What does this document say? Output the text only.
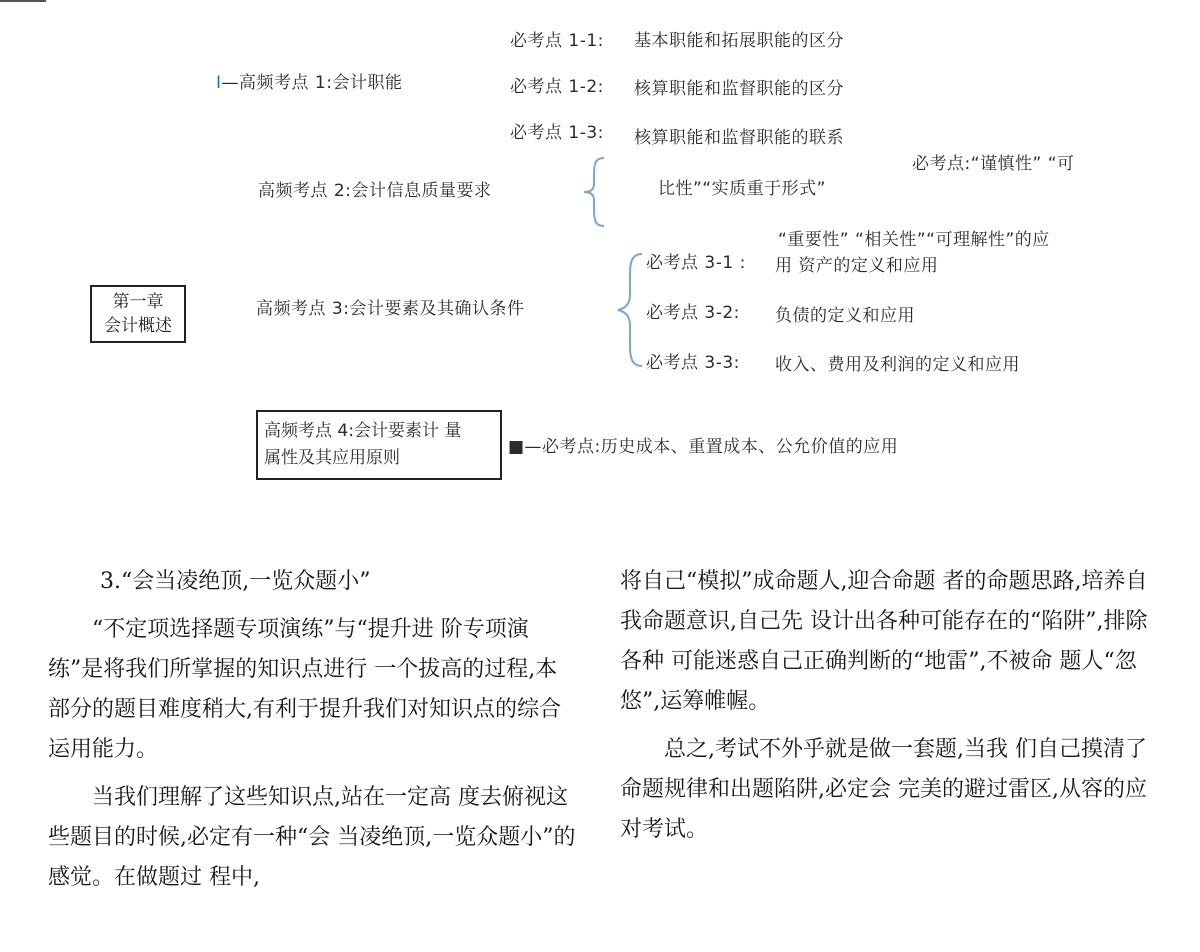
第一章
会计概述
I—高频考点 1:会计职能
必考点 1-1: 基本职能和拓展职能的区分
必考点 1-2: 核算职能和监督职能的区分
必考点 1-3: 核算职能和监督职能的联系
高频考点 2:会计信息质量要求
必考点:“谨慎性” “可
比性”“实质重于形式”
“重要性” “相关性”“可理解性”的应
高频考点 3:会计要素及其确认条件
必考点 3-1 : 用 资产的定义和应用
必考点 3-2: 负债的定义和应用
必考点 3-3: 收入、费用及利润的定义和应用
高频考点 4:会计要素计 量
属性及其应用原则
■—必考点:历史成本、重置成本、公允价值的应用

3.“会当凌绝顶,一览众题小”

“不定项选择题专项演练”与“提升进 阶专项演练”是将我们所掌握的知识点进行 一个拔高的过程,本部分的题目难度稍大,有利于提升我们对知识点的综合运用能力。

当我们理解了这些知识点,站在一定高 度去俯视这些题目的时候,必定有一种“会 当凌绝顶,一览众题小”的感觉。在做题过 程中,

将自己“模拟”成命题人,迎合命题 者的命题思路,培养自我命题意识,自己先 设计出各种可能存在的“陷阱”,排除各种 可能迷惑自己正确判断的“地雷”,不被命 题人“忽悠”,运筹帷幄。

总之,考试不外乎就是做一套题,当我 们自己摸清了命题规律和出题陷阱,必定会 完美的避过雷区,从容的应对考试。
